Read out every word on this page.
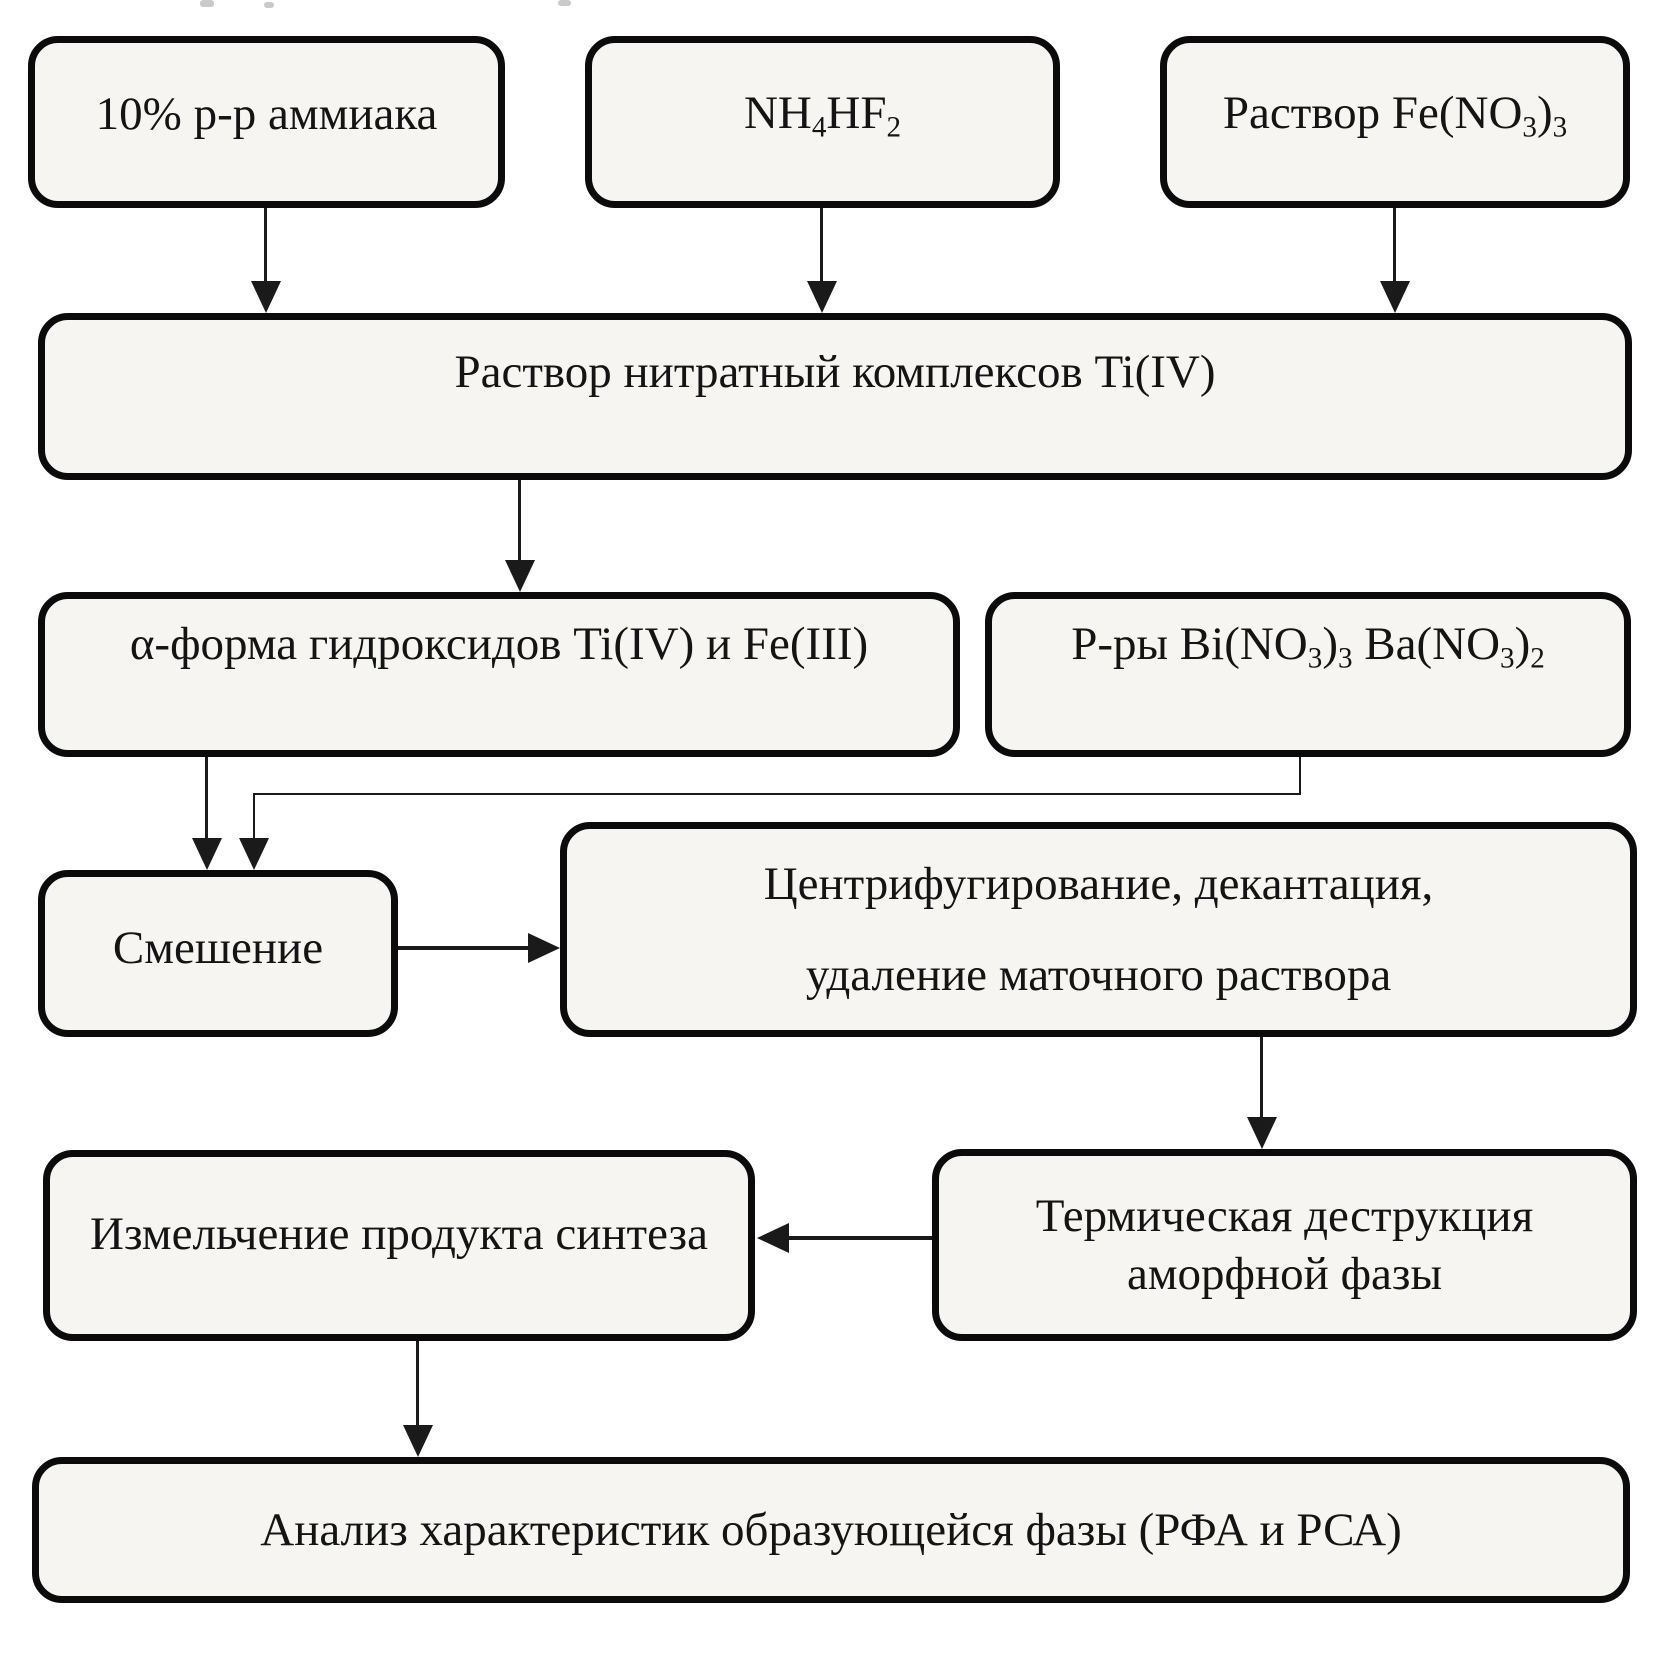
10% р-р аммиака	$NH_4HF_2$	Раствор $Fe(NO_3)_3$
Раствор нитратный комплексов Ti(IV)
α-форма гидроксидов Ti(IV) и Fe(III)	Р-ры $Bi(NO_3)_3$ $Ba(NO_3)_2$
Смешение
Центрифугирование, декантация,
удаление маточного раствора
Термическая деструкция
аморфной фазы
Измельчение продукта синтеза
Анализ характеристик образующейся фазы (РФА и РСА)
